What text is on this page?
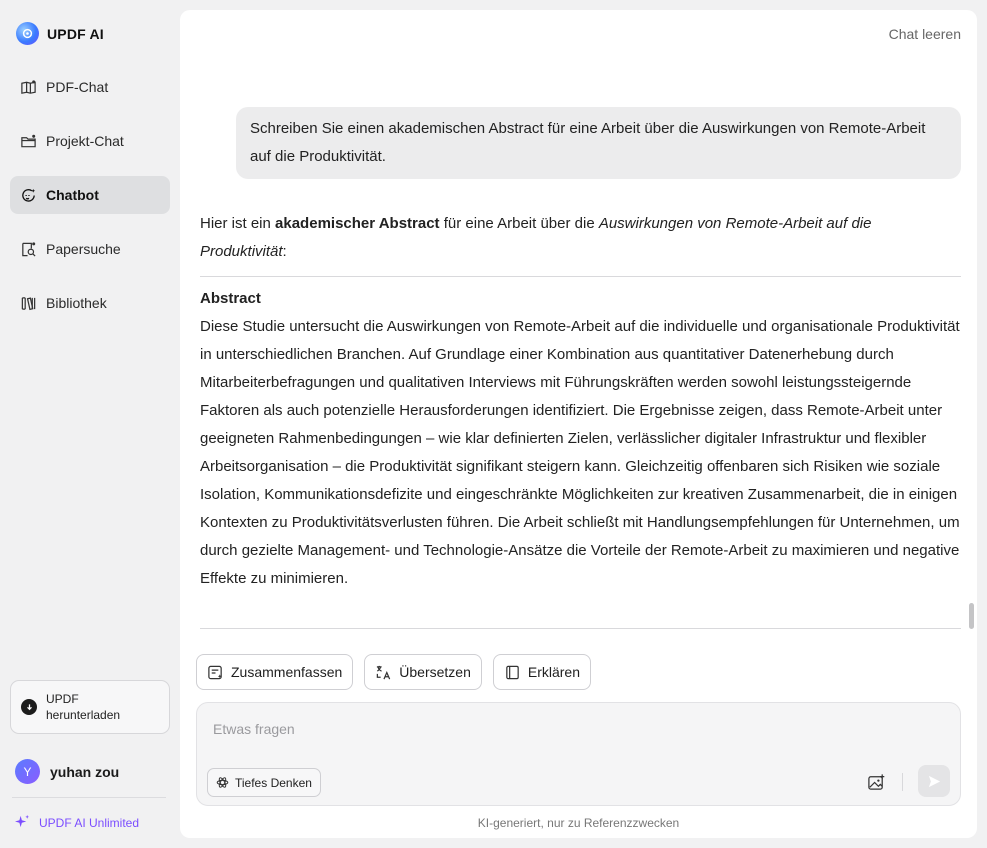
UPDF AI
PDF-Chat
Projekt-Chat
Chatbot
Papersuche
Bibliothek
UPDF herunterladen
Y	yuhan zou
UPDF AI Unlimited
Chat leeren
Schreiben Sie einen akademischen Abstract für eine Arbeit über die Auswirkungen von Remote-Arbeit auf die Produktivität.
Hier ist ein akademischer Abstract für eine Arbeit über die Auswirkungen von Remote-Arbeit auf die Produktivität:
Abstract
Diese Studie untersucht die Auswirkungen von Remote-Arbeit auf die individuelle und organisationale Produktivität in unterschiedlichen Branchen. Auf Grundlage einer Kombination aus quantitativer Datenerhebung durch Mitarbeiterbefragungen und qualitativen Interviews mit Führungskräften werden sowohl leistungssteigernde Faktoren als auch potenzielle Herausforderungen identifiziert. Die Ergebnisse zeigen, dass Remote-Arbeit unter geeigneten Rahmenbedingungen – wie klar definierten Zielen, verlässlicher digitaler Infrastruktur und flexibler Arbeitsorganisation – die Produktivität signifikant steigern kann. Gleichzeitig offenbaren sich Risiken wie soziale Isolation, Kommunikationsdefizite und eingeschränkte Möglichkeiten zur kreativen Zusammenarbeit, die in einigen Kontexten zu Produktivitätsverlusten führen. Die Arbeit schließt mit Handlungsempfehlungen für Unternehmen, um durch gezielte Management- und Technologie-Ansätze die Vorteile der Remote-Arbeit zu maximieren und negative Effekte zu minimieren.
Zusammenfassen	Übersetzen	Erklären
Etwas fragen
Tiefes Denken
KI-generiert, nur zu Referenzzwecken
